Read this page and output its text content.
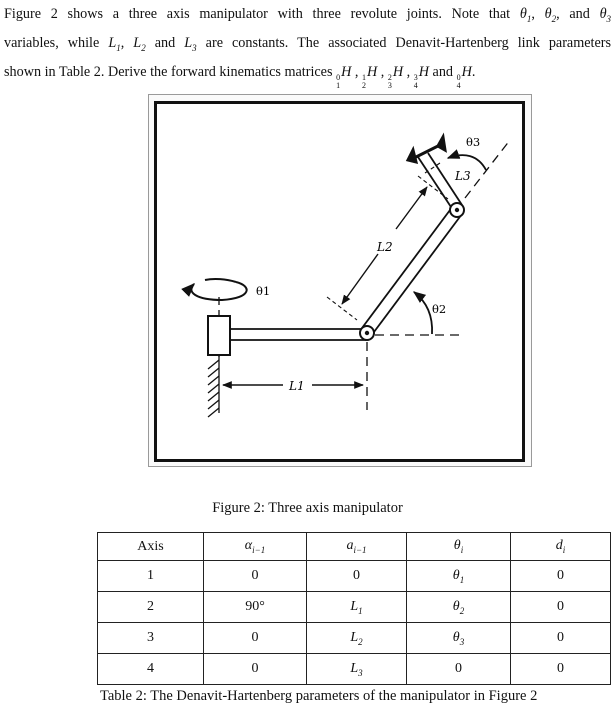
Figure 2 shows a three axis manipulator with three revolute joints. Note that $\theta_1$, $\theta_2$, and $\theta_3$
variables, while $L_1$, $L_2$ and $L_3$ are constants. The associated Denavit-Hartenberg link parameters
shown in Table 2. Derive the forward kinematics matrices 0
1
H , 1
2
H , 2
3
H , 3
4
H and 0
4
H.
θ1
θ2
θ3
L1
L2
L3
Figure 2: Three axis manipulator
Axis	$\alpha_{i-1}$	$a_{i-1}$	$\theta_i$	$d_i$
1	0	0	$\theta_1$	0
2	90°	$L_1$	$\theta_2$	0
3	0	$L_2$	$\theta_3$	0
4	0	$L_3$	0	0
Table 2: The Denavit-Hartenberg parameters of the manipulator in Figure 2
